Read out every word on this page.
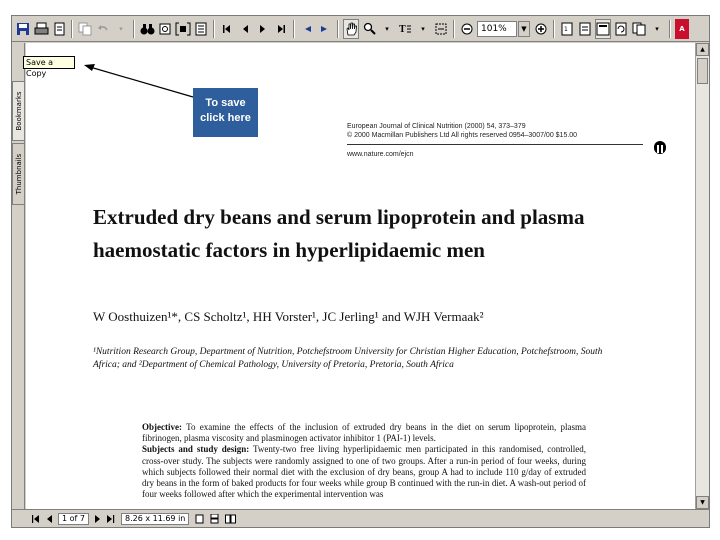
▾	▾	T	▾	101%	▼	1	▾	A
Bookmarks
Thumbnails
European Journal of Clinical Nutrition (2000) 54, 373–379
© 2000 Macmillan Publishers Ltd All rights reserved 0954–3007/00 $15.00
www.nature.com/ejcn
Extruded dry beans and serum lipoprotein and plasma
haemostatic factors in hyperlipidaemic men
W Oosthuizen¹*, CS Scholtz¹, HH Vorster¹, JC Jerling¹ and WJH Vermaak²
¹Nutrition Research Group, Department of Nutrition, Potchefstroom University for Christian Higher Education, Potchefstroom, South
Africa; and ²Department of Chemical Pathology, University of Pretoria, Pretoria, South Africa
Objective: To examine the effects of the inclusion of extruded dry beans in the diet on serum lipoprotein, plasma fibrinogen, plasma viscosity and plasminogen activator inhibitor 1 (PAI-1) levels.
Subjects and study design: Twenty-two free living hyperlipidaemic men participated in this randomised, controlled, cross-over study. The subjects were randomly assigned to one of two groups. After a run-in period of four weeks, during which subjects followed their normal diet with the exclusion of dry beans, group A had to include 110 g/day of extruded dry beans in the form of baked products for four weeks while group B continued with the run-in diet. A wash-out period of four weeks followed after which the experimental intervention was
▲
▼
1 of 7	8.26 x 11.69 in
Save a Copy
To save
click here
